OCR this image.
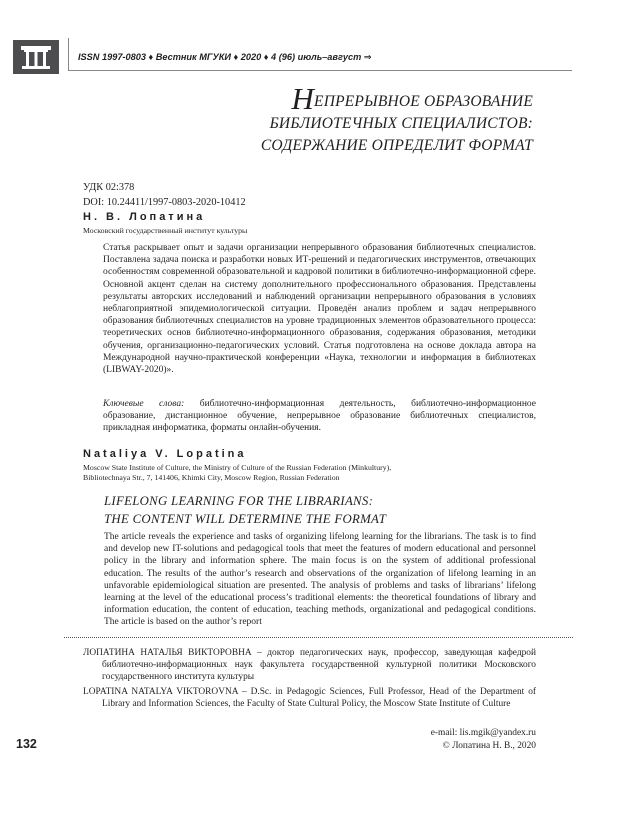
ISSN 1997-0803 ♦ Вестник МГУКИ ♦ 2020 ♦ 4 (96) июль–август ⇒
НЕПРЕРЫВНОЕ ОБРАЗОВАНИЕ
БИБЛИОТЕЧНЫХ СПЕЦИАЛИСТОВ:
СОДЕРЖАНИЕ ОПРЕДЕЛИТ ФОРМАТ
УДК 02:378
DOI: 10.24411/1997-0803-2020-10412
Н. В. Лопатина
Московский государственный институт культуры

Статья раскрывает опыт и задачи организации непрерывного образования библиотечных специалистов. Поставлена задача поиска и разработки новых ИТ-решений и педагогических инструментов, отвечающих особенностям современной образовательной и кадровой политики в библиотечно-информационной сфере. Основной акцент сделан на систему дополнительного профессионального образования. Представлены результаты авторских исследований и наблюдений организации непрерывного образования в условиях неблагоприятной эпидемиологической ситуации. Проведён анализ проблем и задач непрерывного образования библиотечных специалистов на уровне традиционных элементов образовательного процесса: теоретических основ библиотечно-информационного образования, содержания образования, методики обучения, организационно-педагогических условий. Статья подготовлена на основе доклада автора на Международной научно-практической конференции «Наука, технологии и информация в библиотеках (LIBWAY-2020)».

Ключевые слова: библиотечно-информационная деятельность, библиотечно-информационное образование, дистанционное обучение, непрерывное образование библиотечных специалистов, прикладная информатика, форматы онлайн-обучения.
Nataliya V. Lopatina
Moscow State Institute of Culture, the Ministry of Culture of the Russian Federation (Minkulturу),
Bibliotechnaya Str., 7, 141406, Khimki City, Moscow Region, Russian Federation
LIFELONG LEARNING FOR THE LIBRARIANS:
THE CONTENT WILL DETERMINE THE FORMAT
The article reveals the experience and tasks of organizing lifelong learning for the librarians. The task is to find and develop new IT-solutions and pedagogical tools that meet the features of modern educational and personnel policy in the library and information sphere. The main focus is on the system of additional professional education. The results of the author’s research and observations of the organization of lifelong learning in an unfavorable epidemiological situation are presented. The analysis of problems and tasks of librarians’ lifelong learning at the level of the educational process’s traditional elements: the theoretical foundations of library and information education, the content of education, teaching methods, organizational and pedagogical conditions. The article is based on the author’s report

ЛОПАТИНА НАТАЛЬЯ ВИКТОРОВНА – доктор педагогических наук, профессор, заведующая кафедрой библиотечно-информационных наук факультета государственной культурной политики Московского государственного института культуры

LOPATINA NATALYA VIKTOROVNA – D.Sc. in Pedagogic Sciences, Full Professor, Head of the Department of Library and Information Sciences, the Faculty of State Cultural Policy, the Moscow State Institute of Culture

e-mail: lis.mgik@yandex.ru
© Лопатина Н. В., 2020
132
